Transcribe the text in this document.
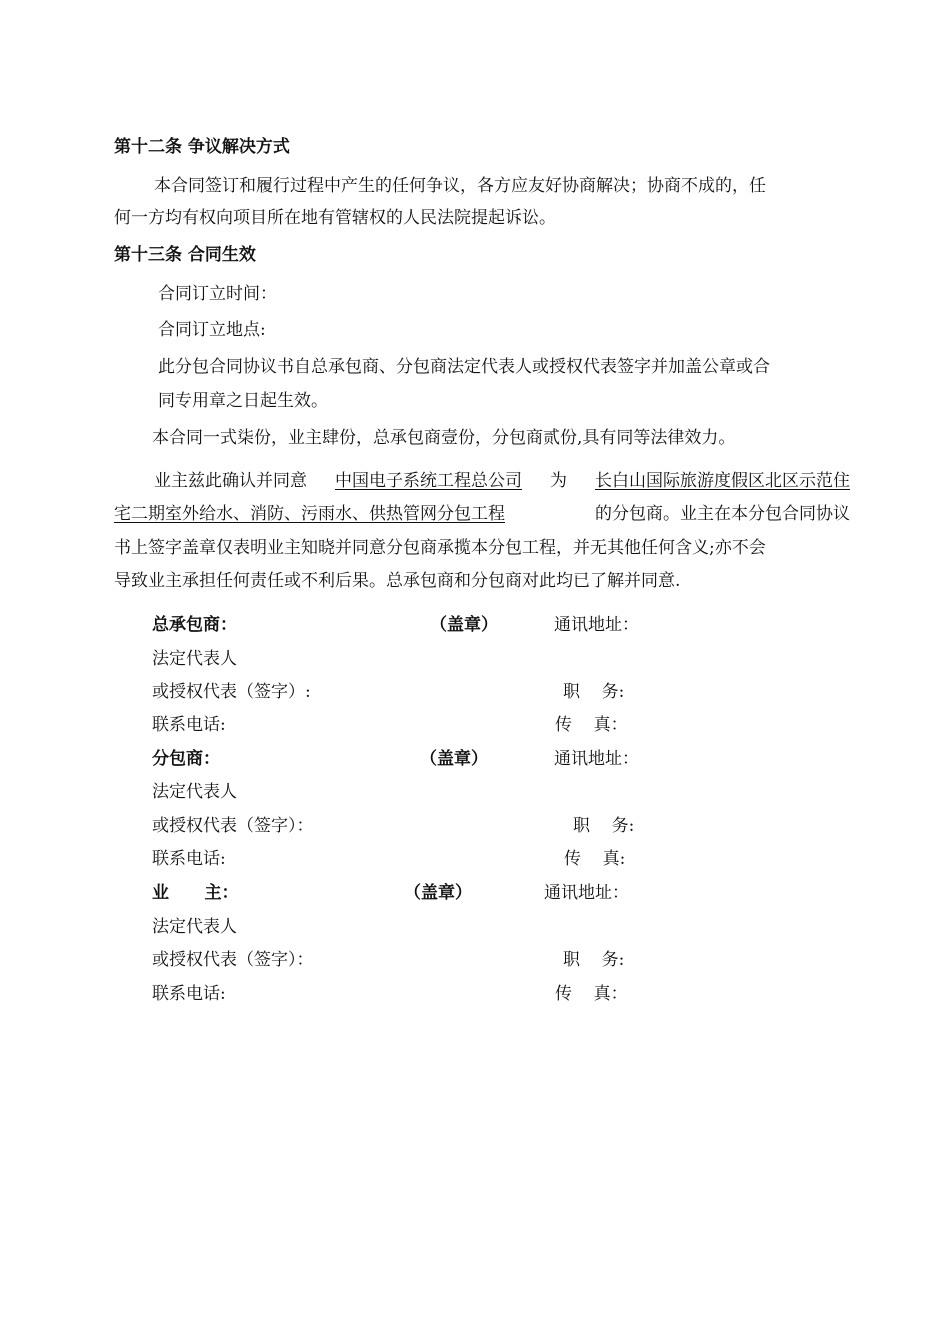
第十二条 争议解决方式
本合同签订和履行过程中产生的任何争议，各方应友好协商解决；协商不成的，任
何一方均有权向项目所在地有管辖权的人民法院提起诉讼。
第十三条 合同生效
合同订立时间：
合同订立地点:
此分包合同协议书自总承包商、分包商法定代表人或授权代表签字并加盖公章或合
同专用章之日起生效。
本合同一式柒份，业主肆份，总承包商壹份，分包商贰份,具有同等法律效力。
业主兹此确认并同意 中国电子系统工程总公司 为 长白山国际旅游度假区北区示范住
宅二期室外给水、消防、污雨水、供热管网分包工程	的分包商。业主在本分包合同协议
书上签字盖章仅表明业主知晓并同意分包商承揽本分包工程，并无其他任何含义;亦不会
导致业主承担任何责任或不利后果。总承包商和分包商对此均已了解并同意.
总承包商：	（盖章）	通讯地址：
法定代表人
或授权代表（签字）:	职    务:
联系电话:	传    真：
分包商：	（盖章）	通讯地址：
法定代表人
或授权代表（签字）：	职    务:
联系电话:	传    真:
业      主：	（盖章）	通讯地址：
法定代表人
或授权代表（签字）：	职    务:
联系电话:	传    真：
